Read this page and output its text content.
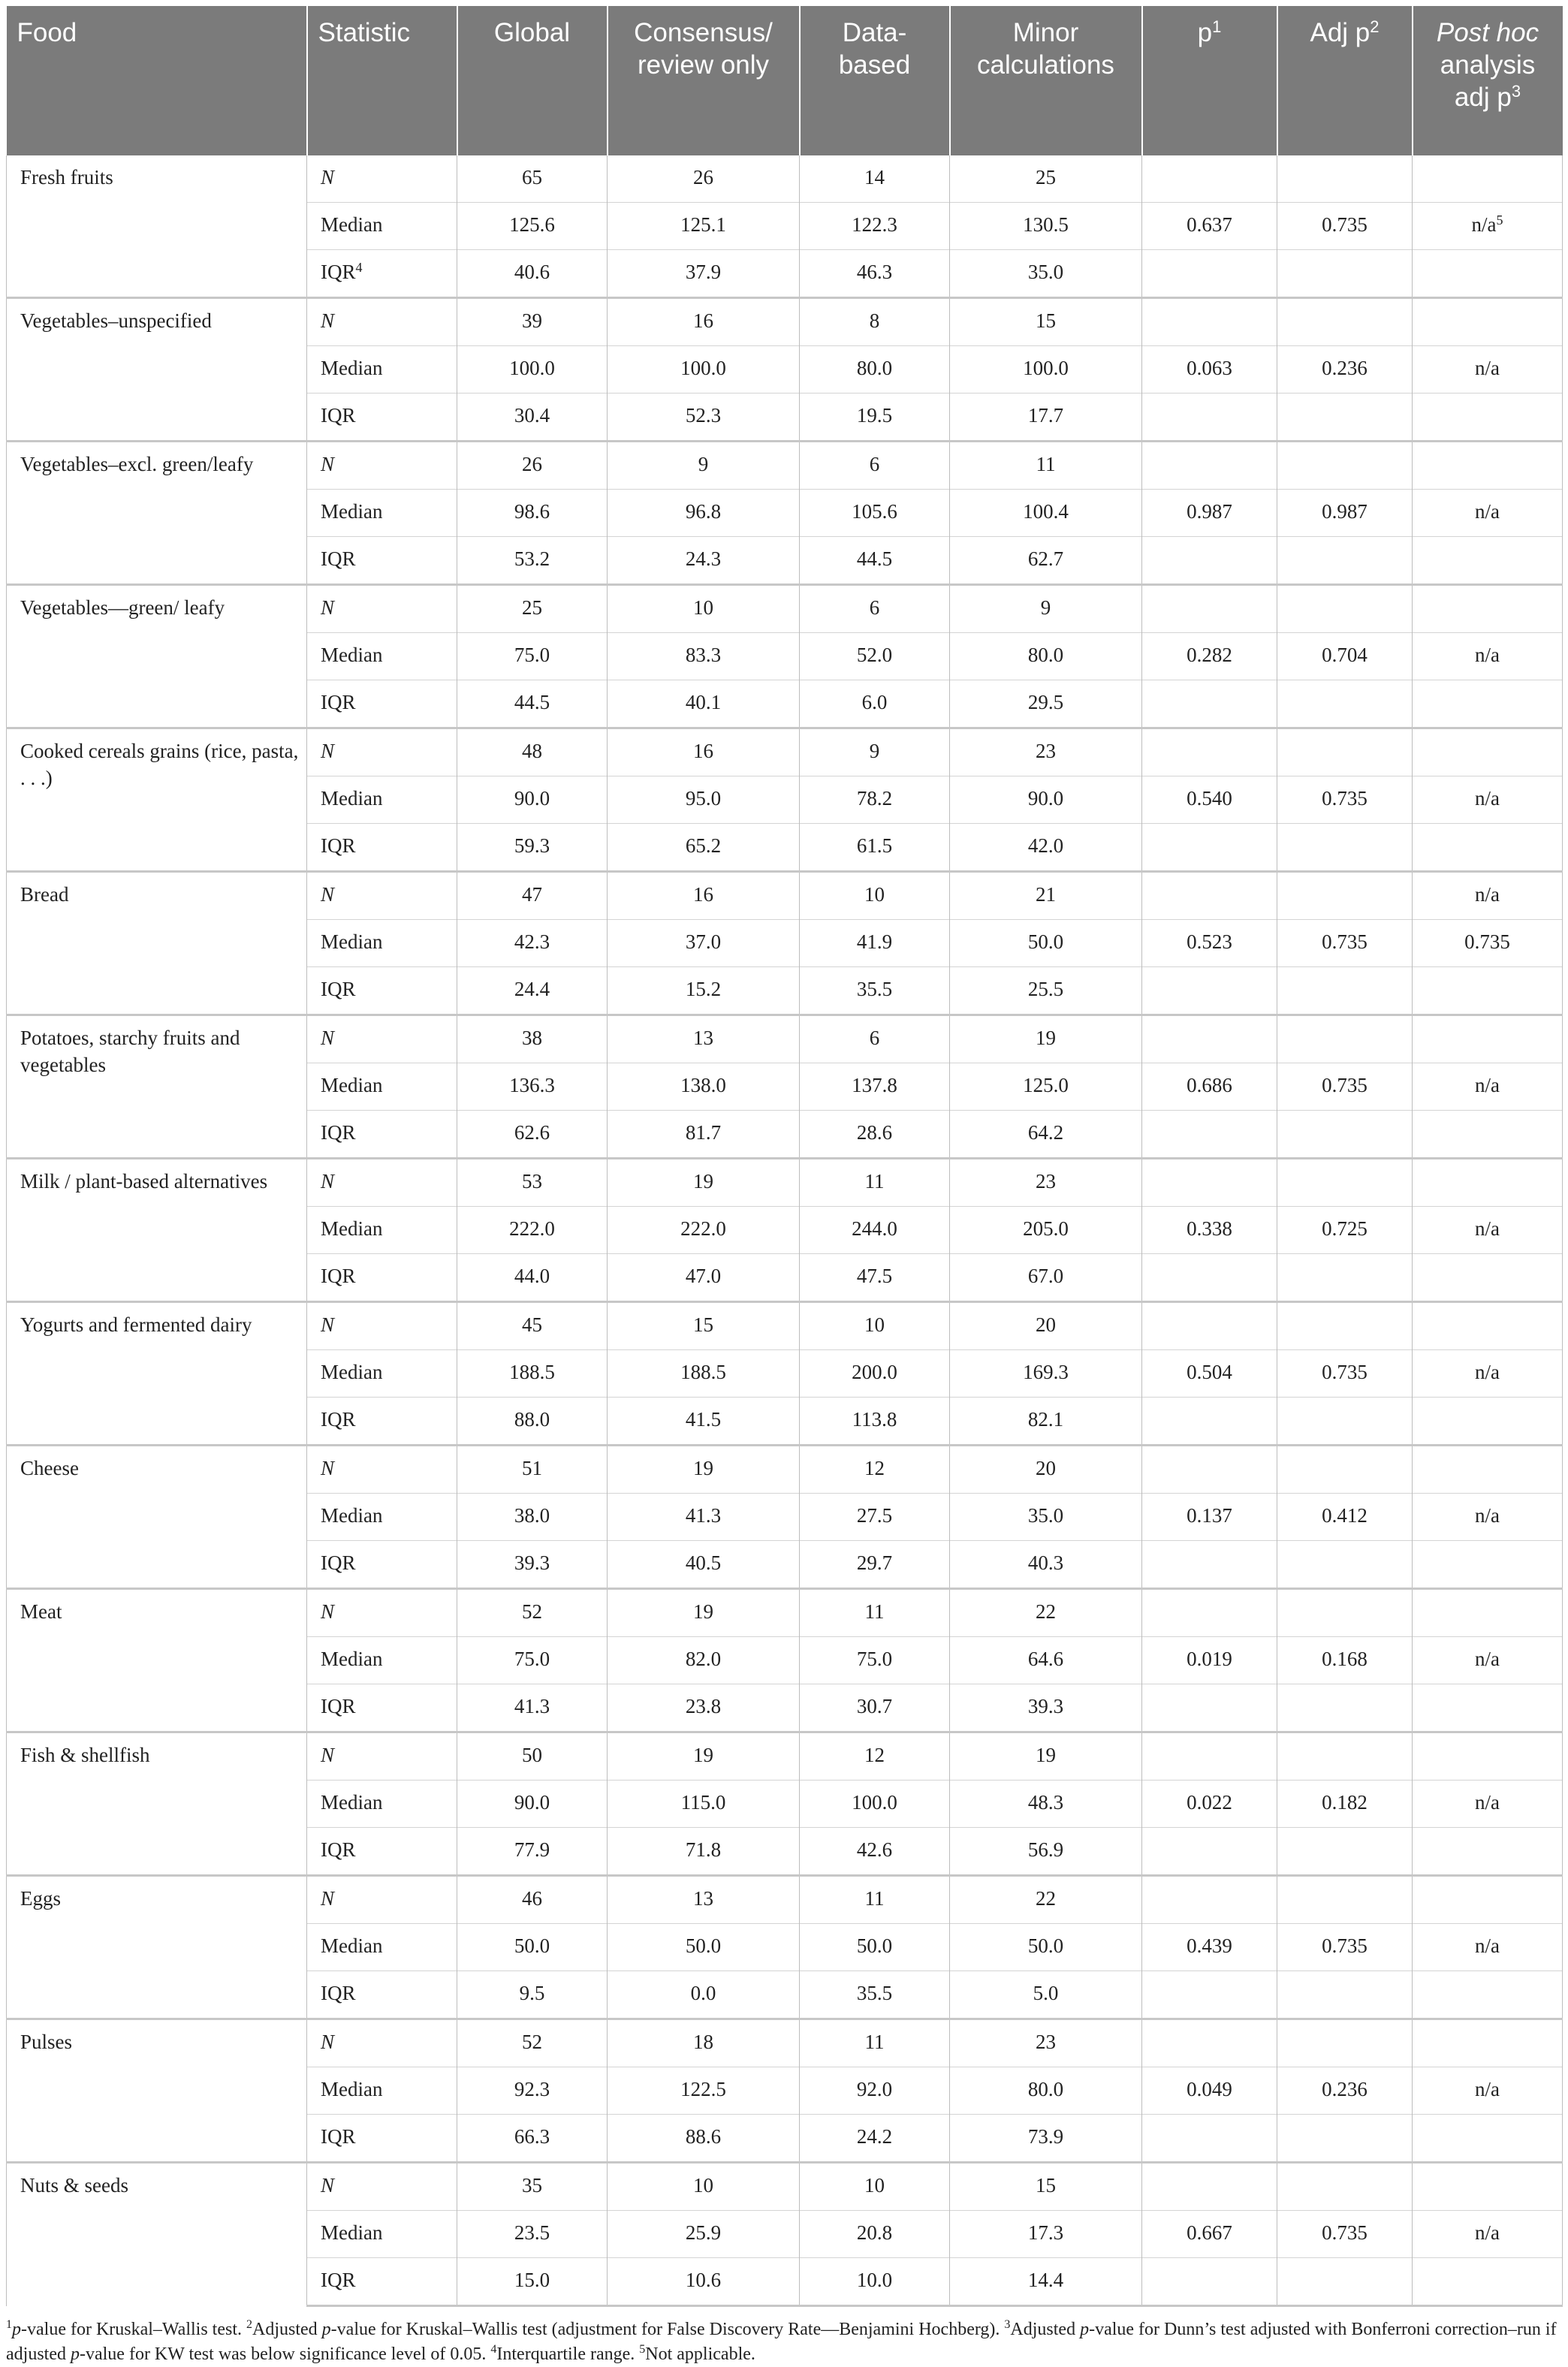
Food	Statistic	Global	Consensus/ review only	Data- based	Minor calculations	$p^1$	Adj $p^2$	Post hoc analysis adj $p^3$
Fresh fruits	N	65	26	14	25			
	Median	125.6	125.1	122.3	130.5	0.637	0.735	$n/a^5$
	IQR$^4$	40.6	37.9	46.3	35.0			
Vegetables–unspecified	N	39	16	8	15			
	Median	100.0	100.0	80.0	100.0	0.063	0.236	n/a
	IQR	30.4	52.3	19.5	17.7			
Vegetables–excl. green/leafy	N	26	9	6	11			
	Median	98.6	96.8	105.6	100.4	0.987	0.987	n/a
	IQR	53.2	24.3	44.5	62.7			
Vegetables—green/ leafy	N	25	10	6	9			
	Median	75.0	83.3	52.0	80.0	0.282	0.704	n/a
	IQR	44.5	40.1	6.0	29.5			
Cooked cereals grains (rice, pasta, . . .)	N	48	16	9	23			
	Median	90.0	95.0	78.2	90.0	0.540	0.735	n/a
	IQR	59.3	65.2	61.5	42.0			
Bread	N	47	16	10	21			n/a
	Median	42.3	37.0	41.9	50.0	0.523	0.735	0.735
	IQR	24.4	15.2	35.5	25.5			
Potatoes, starchy fruits and vegetables	N	38	13	6	19			
	Median	136.3	138.0	137.8	125.0	0.686	0.735	n/a
	IQR	62.6	81.7	28.6	64.2			
Milk / plant-based alternatives	N	53	19	11	23			
	Median	222.0	222.0	244.0	205.0	0.338	0.725	n/a
	IQR	44.0	47.0	47.5	67.0			
Yogurts and fermented dairy	N	45	15	10	20			
	Median	188.5	188.5	200.0	169.3	0.504	0.735	n/a
	IQR	88.0	41.5	113.8	82.1			
Cheese	N	51	19	12	20			
	Median	38.0	41.3	27.5	35.0	0.137	0.412	n/a
	IQR	39.3	40.5	29.7	40.3			
Meat	N	52	19	11	22			
	Median	75.0	82.0	75.0	64.6	0.019	0.168	n/a
	IQR	41.3	23.8	30.7	39.3			
Fish & shellfish	N	50	19	12	19			
	Median	90.0	115.0	100.0	48.3	0.022	0.182	n/a
	IQR	77.9	71.8	42.6	56.9			
Eggs	N	46	13	11	22			
	Median	50.0	50.0	50.0	50.0	0.439	0.735	n/a
	IQR	9.5	0.0	35.5	5.0			
Pulses	N	52	18	11	23			
	Median	92.3	122.5	92.0	80.0	0.049	0.236	n/a
	IQR	66.3	88.6	24.2	73.9			
Nuts & seeds	N	35	10	10	15			
	Median	23.5	25.9	20.8	17.3	0.667	0.735	n/a
	IQR	15.0	10.6	10.0	14.4			
$^1$p-value for Kruskal–Wallis test. $^2$Adjusted p-value for Kruskal–Wallis test (adjustment for False Discovery Rate—Benjamini Hochberg). $^3$Adjusted p-value for Dunn’s test adjusted with Bonferroni correction–run if adjusted p-value for KW test was below significance level of 0.05. $^4$Interquartile range. $^5$Not applicable.
